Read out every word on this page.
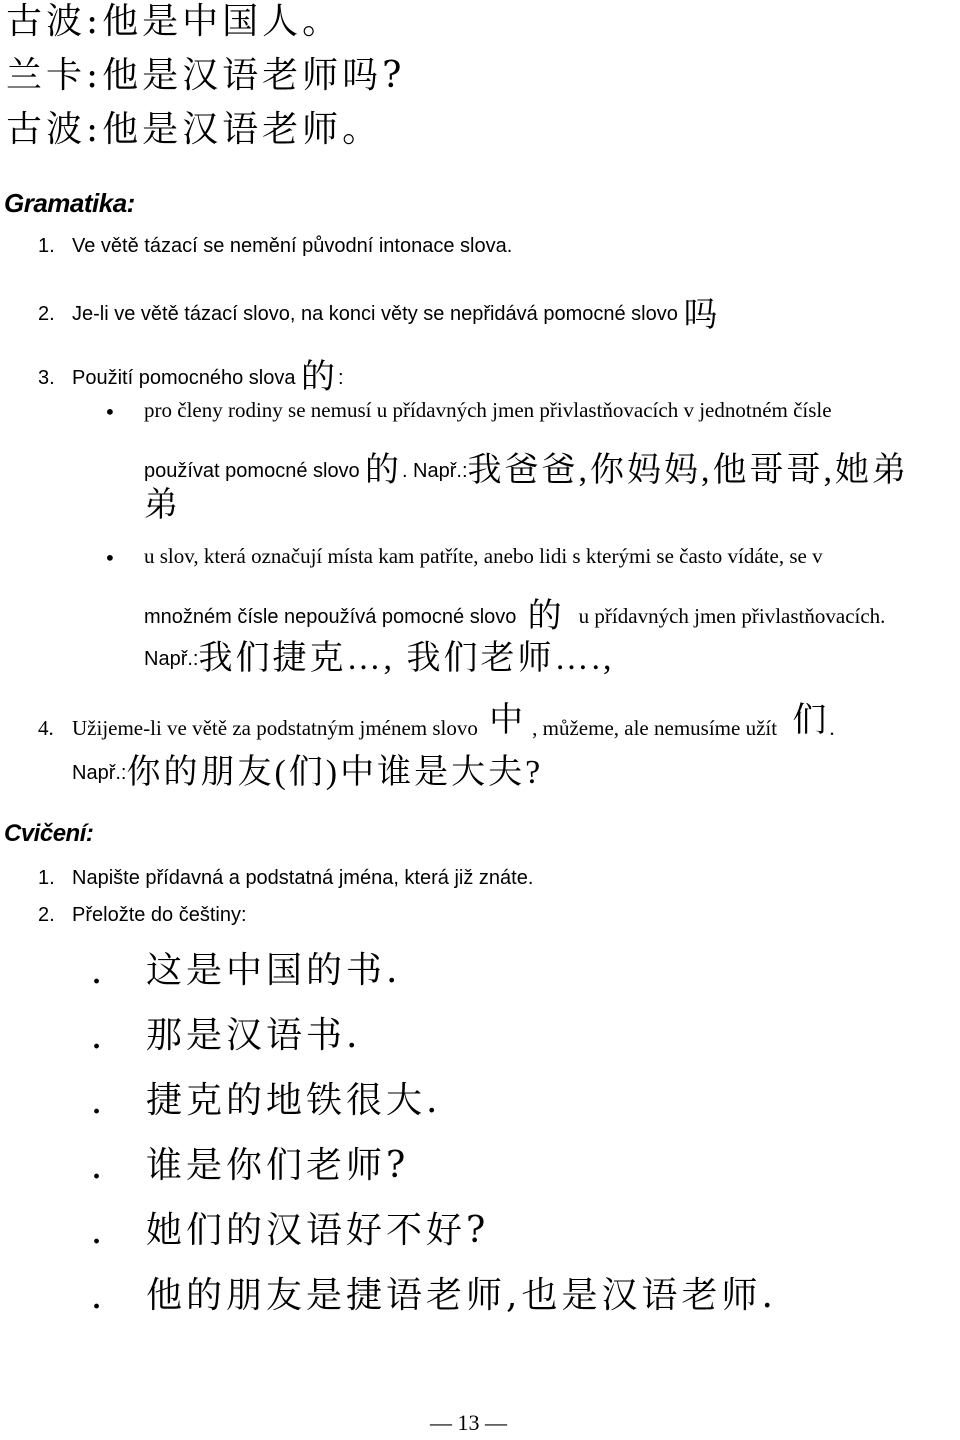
古波:他是中国人。
兰卡:他是汉语老师吗?
古波:他是汉语老师。
Gramatika:
1. Ve větě tázací se nemění původní intonace slova.
2. Je-li ve větě tázací slovo, na konci věty se nepřidává pomocné slovo 吗
3. Použití pomocného slova 的:
• pro členy rodiny se nemusí u přídavných jmen přivlastňovacích v jednotném čísle
používat pomocné slovo 的. Např.:我爸爸,你妈妈,他哥哥,她弟
弟
• u slov, která označují místa kam patříte, anebo lidi s kterými se často vídáte, se v
množném čísle nepoužívá pomocné slovo 的 u přídavných jmen přivlastňovacích.
Např.:我们捷克…, 我们老师….,
4. Užijeme-li ve větě za podstatným jménem slovo 中 , můžeme, ale nemusíme užít 们.
Např.:你的朋友(们)中谁是大夫?
Cvičení:
1. Napište přídavná a podstatná jména, která již znáte.
2. Přeložte do češtiny:
. 这是中国的书.
. 那是汉语书.
. 捷克的地铁很大.
. 谁是你们老师?
. 她们的汉语好不好?
. 他的朋友是捷语老师,也是汉语老师.
— 13 —
